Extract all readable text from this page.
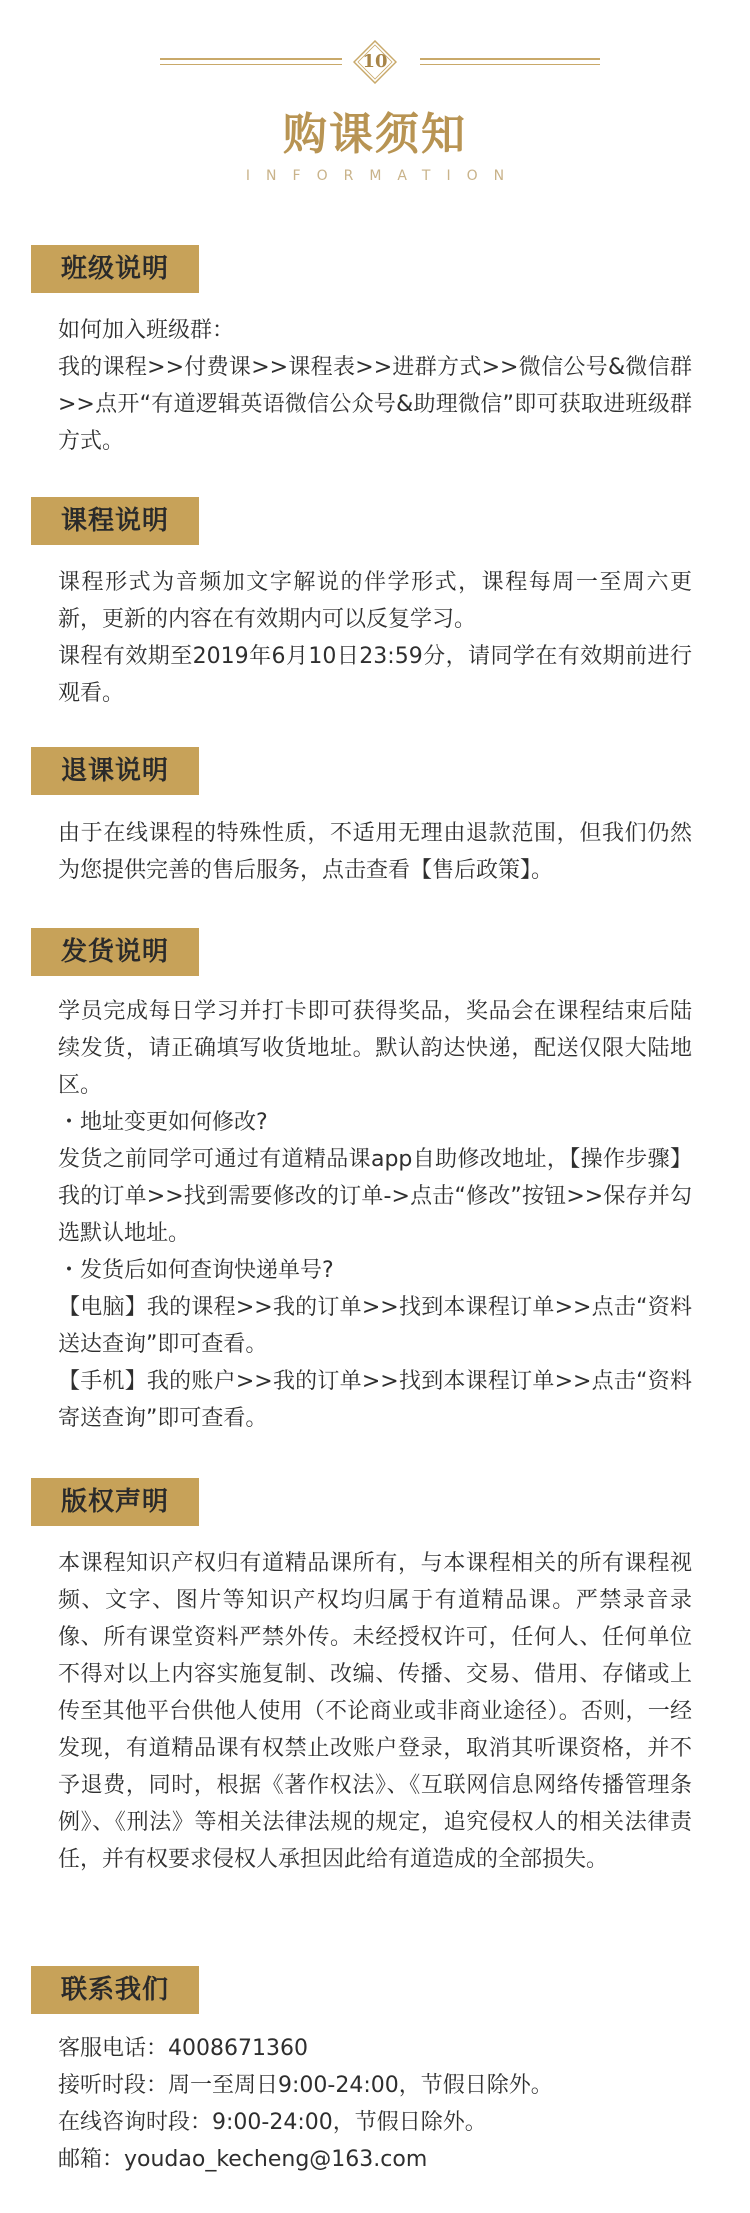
10
购课须知
INFORMATION
班级说明

如何加入班级群：

我的课程>>付费课>>课程表>>进群方式>>微信公号&微信群>>点开“有道逻辑英语微信公众号&助理微信”即可获取进班级群方式。

课程说明

课程形式为音频加文字解说的伴学形式，课程每周一至周六更新，更新的内容在有效期内可以反复学习。

课程有效期至2019年6月10日23:59分，请同学在有效期前进行观看。

退课说明

由于在线课程的特殊性质，不适用无理由退款范围，但我们仍然为您提供完善的售后服务，点击查看【售后政策】。

发货说明

学员完成每日学习并打卡即可获得奖品，奖品会在课程结束后陆续发货，请正确填写收货地址。默认韵达快递，配送仅限大陆地区。

・地址变更如何修改?

发货之前同学可通过有道精品课app自助修改地址，【操作步骤】我的订单>>找到需要修改的订单->点击“修改”按钮>>保存并勾选默认地址。

・发货后如何查询快递单号?

【电脑】我的课程>>我的订单>>找到本课程订单>>点击“资料送达查询”即可查看。

【手机】我的账户>>我的订单>>找到本课程订单>>点击“资料寄送查询”即可查看。

版权声明

本课程知识产权归有道精品课所有，与本课程相关的所有课程视频、文字、图片等知识产权均归属于有道精品课。严禁录音录像、所有课堂资料严禁外传。未经授权许可，任何人、任何单位不得对以上内容实施复制、改编、传播、交易、借用、存储或上传至其他平台供他人使用（不论商业或非商业途径）。否则，一经发现，有道精品课有权禁止改账户登录，取消其听课资格，并不予退费，同时，根据《著作权法》、《互联网信息网络传播管理条例》、《刑法》等相关法律法规的规定，追究侵权人的相关法律责任，并有权要求侵权人承担因此给有道造成的全部损失。

联系我们

客服电话：4008671360

接听时段：周一至周日9:00-24:00，节假日除外。

在线咨询时段：9:00-24:00，节假日除外。

邮箱：youdao_kecheng@163.com
